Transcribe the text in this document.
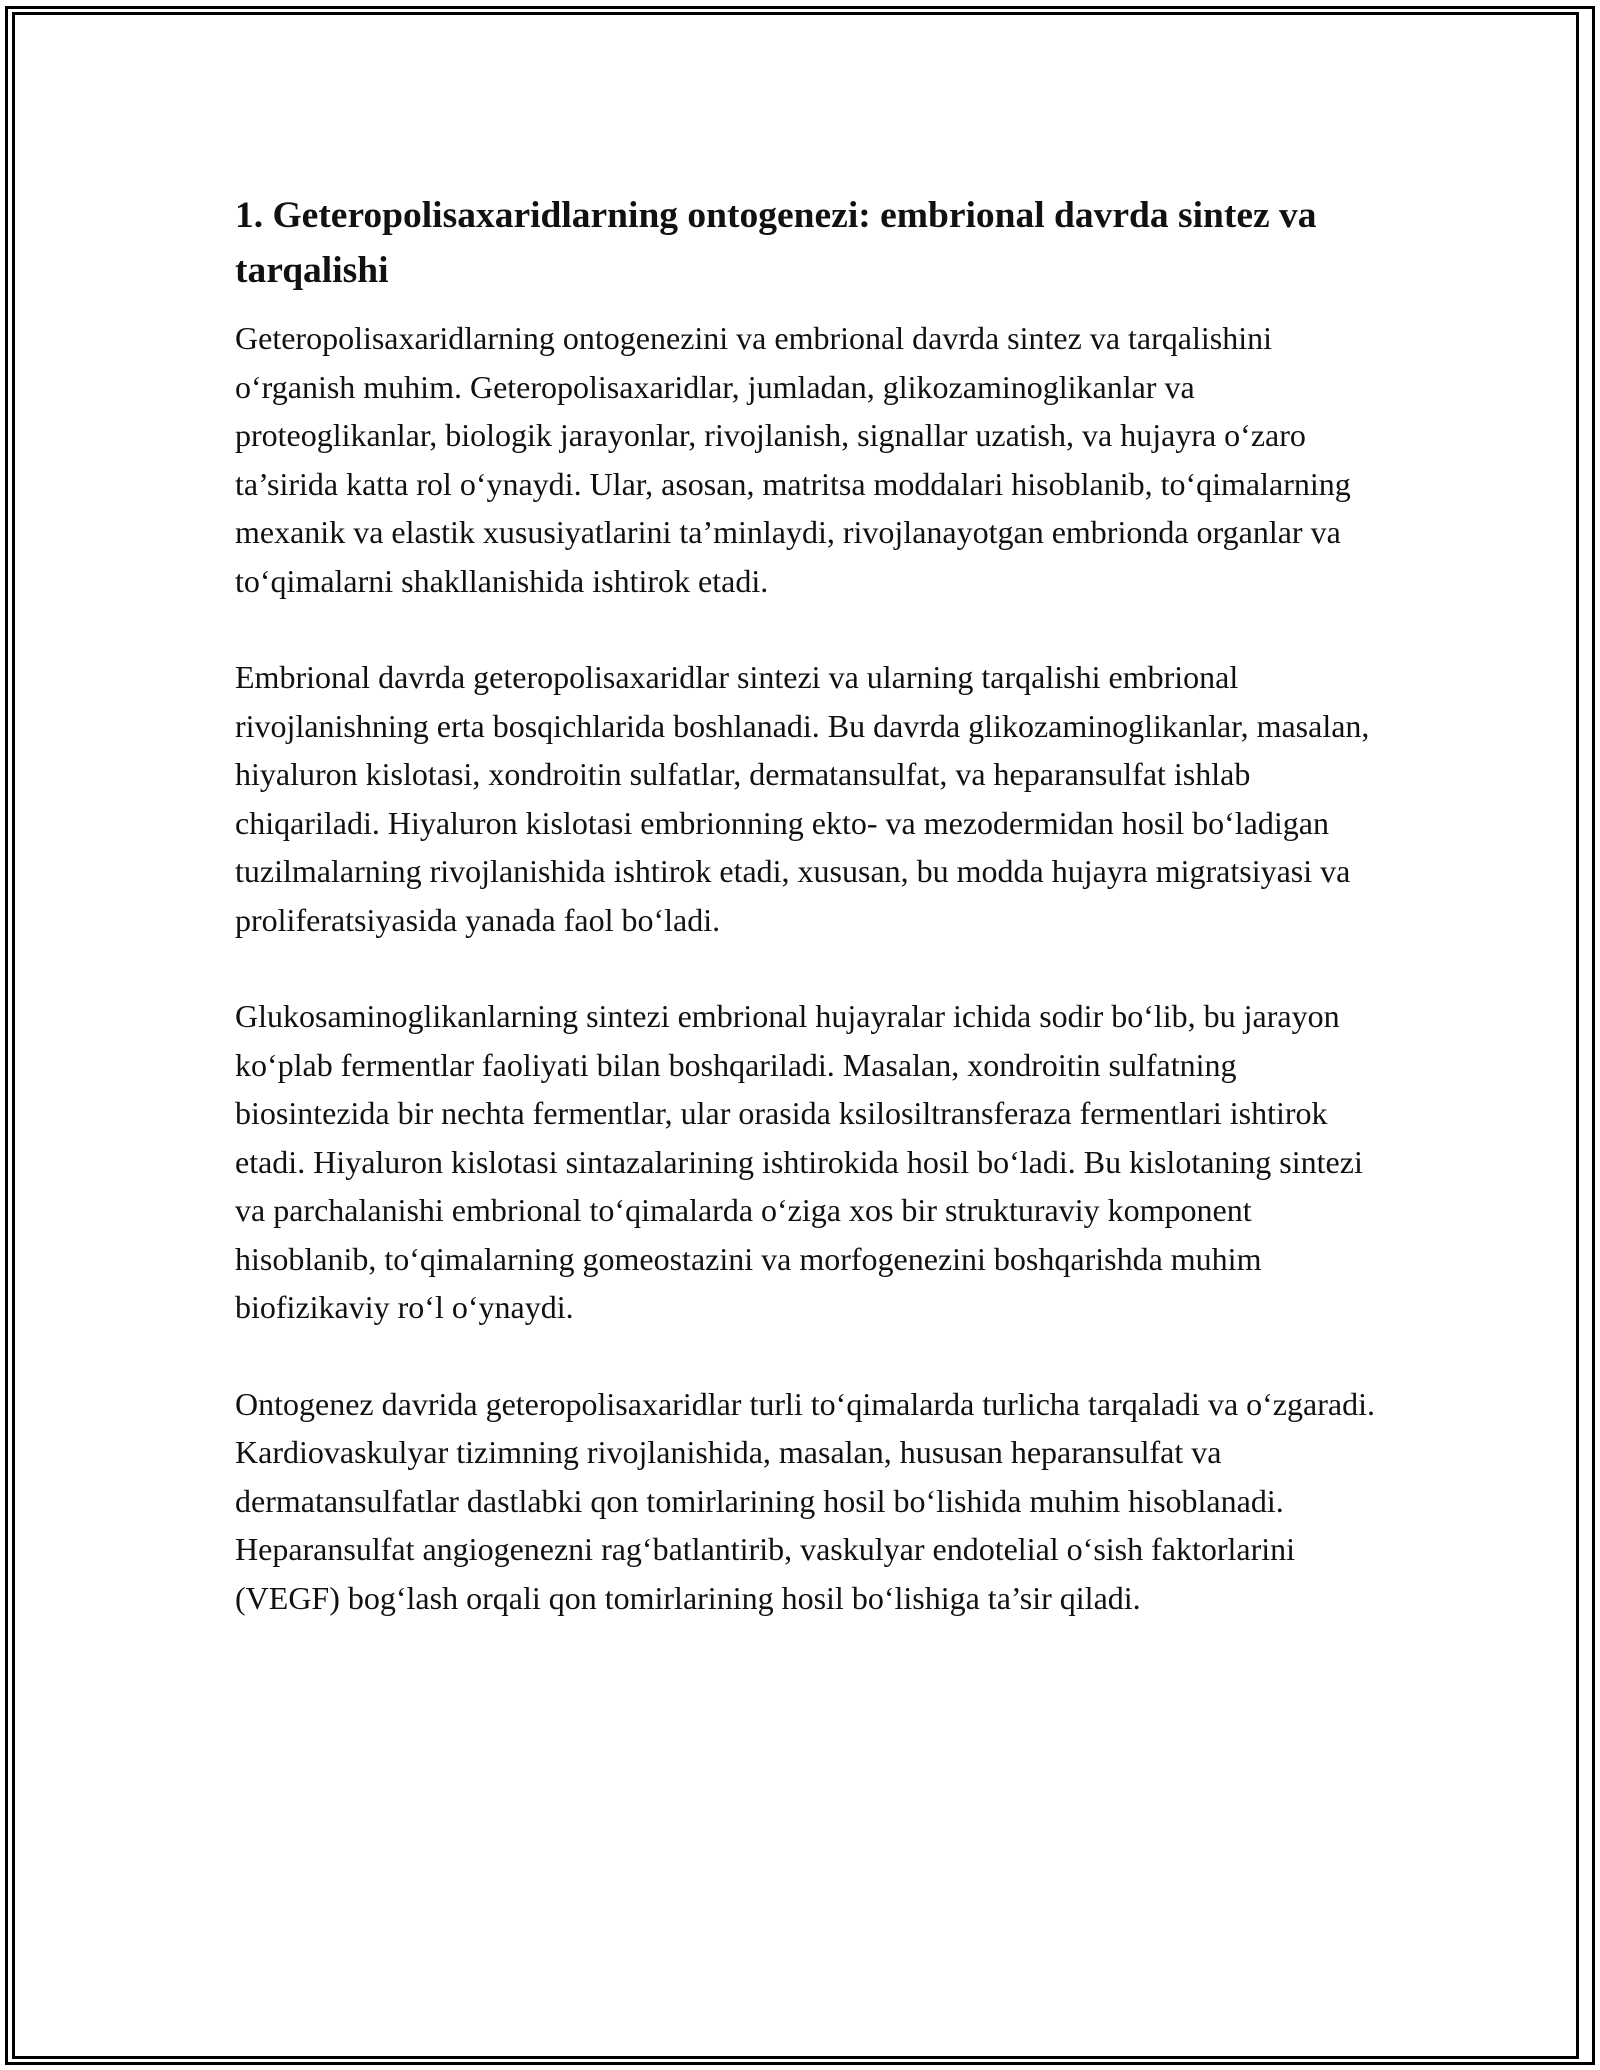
1. Geteropolisaxaridlarning ontogenezi: embrional davrda sintez va tarqalishi

Geteropolisaxaridlarning ontogenezini va embrional davrda sintez va tarqalishini o‘rganish muhim. Geteropolisaxaridlar, jumladan, glikozaminoglikanlar va proteoglikanlar, biologik jarayonlar, rivojlanish, signallar uzatish, va hujayra o‘zaro ta’sirida katta rol o‘ynaydi. Ular, asosan, matritsa moddalari hisoblanib, to‘qimalarning mexanik va elastik xususiyatlarini ta’minlaydi, rivojlanayotgan embrionda organlar va to‘qimalarni shakllanishida ishtirok etadi.

Embrional davrda geteropolisaxaridlar sintezi va ularning tarqalishi embrional rivojlanishning erta bosqichlarida boshlanadi. Bu davrda glikozaminoglikanlar, masalan, hiyaluron kislotasi, xondroitin sulfatlar, dermatansulfat, va heparansulfat ishlab chiqariladi. Hiyaluron kislotasi embrionning ekto- va mezodermidan hosil bo‘ladigan tuzilmalarning rivojlanishida ishtirok etadi, xususan, bu modda hujayra migratsiyasi va proliferatsiyasida yanada faol bo‘ladi.

Glukosaminoglikanlarning sintezi embrional hujayralar ichida sodir bo‘lib, bu jarayon ko‘plab fermentlar faoliyati bilan boshqariladi. Masalan, xondroitin sulfatning biosintezida bir nechta fermentlar, ular orasida ksilosiltransferaza fermentlari ishtirok etadi. Hiyaluron kislotasi sintazalarining ishtirokida hosil bo‘ladi. Bu kislotaning sintezi va parchalanishi embrional to‘qimalarda o‘ziga xos bir strukturaviy komponent hisoblanib, to‘qimalarning gomeostazini va morfogenezini boshqarishda muhim biofizikaviy ro‘l o‘ynaydi.

Ontogenez davrida geteropolisaxaridlar turli to‘qimalarda turlicha tarqaladi va o‘zgaradi. Kardiovaskulyar tizimning rivojlanishida, masalan, hususan heparansulfat va dermatansulfatlar dastlabki qon tomirlarining hosil bo‘lishida muhim hisoblanadi. Heparansulfat angiogenezni rag‘batlantirib, vaskulyar endotelial o‘sish faktorlarini (VEGF) bog‘lash orqali qon tomirlarining hosil bo‘lishiga ta’sir qiladi.
